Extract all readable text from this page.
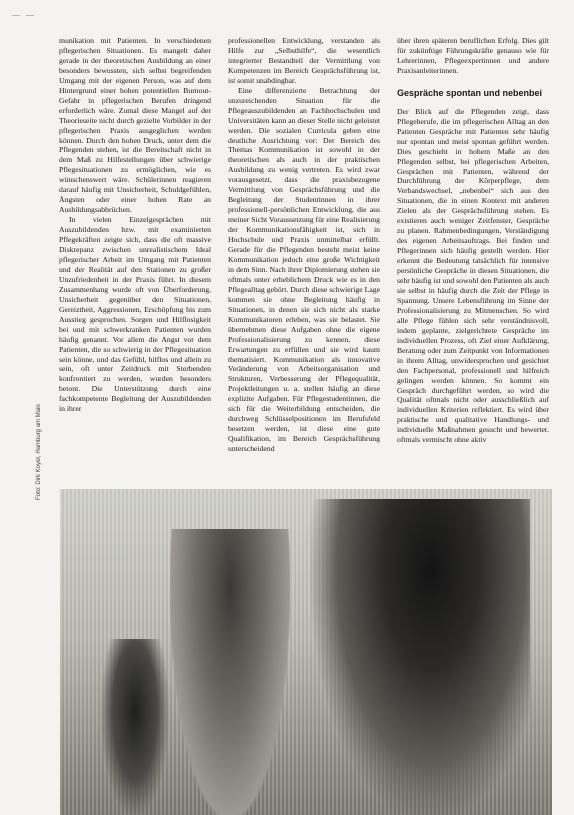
— —

munikation mit Patienten. In verschiedenen pflegerischen Situationen. Es mangelt daher gerade in der theoretischen Ausbildung an einer besonders bewussten, sich selbst begreifenden Umgang mit der eigenen Person, was auf dem Hintergrund einer hohen potentiellen Burnout-Gefahr in pflegerischen Berufen dringend erforderlich wäre. Zumal diese Mangel auf der Theorieseite nicht durch gezielte Vorbilder in der pflegerischen Praxis ausgeglichen werden können. Durch den hohen Druck, unter dem die Pflegenden stehen, ist die Bereitschaft nicht in dem Maß zu Hilfestellungen über schwierige Pflegesituationen zu ermöglichen, wie es wünschenswert wäre. Schülerinnen reagieren darauf häufig mit Unsicherheit, Schuldgefühlen, Ängsten oder einer hohen Rate an Ausbildungsabbrüchen.

In vielen Einzelgesprächen mit Auszubildenden bzw. mit examinierten Pflegekräften zeigte sich, dass die oft massive Diskrepanz zwischen unrealistischem Ideal pflegerischer Arbeit im Umgang mit Patienten und der Realität auf den Stationen zu großer Unzufriedenheit in der Praxis führt. In diesem Zusammenhang wurde oft von Überforderung, Unsicherheit gegenüber den Situationen, Gereiztheit, Aggressionen, Erschöpfung bis zum Ausstieg gesprochen. Sorgen und Hilflosigkeit bei und mit schwerkranken Patienten wurden häufig genannt. Vor allem die Angst vor dem Patienten, die so schwierig in der Pflegesituation sein könne, und das Gefühl, hilflos und allein zu sein, oft unter Zeitdruck mit Sterbenden konfrontiert zu werden, wurden besonders betont. Die Unterstützung durch eine fachkompetente Begleitung der Auszubildenden in ihrer

professionellen Entwicklung, verstanden als Hilfe zur „Selbsthilfe“, die wesentlich integrierter Bestandteil der Vermittlung von Kompetenzen im Bereich Gesprächsführung ist, ist somit unabdingbar.

Eine differenzierte Betrachtung der unzureichenden Situation für die Pflegeauszubildenden an Fachhochschulen und Universitäten kann an dieser Stelle nicht geleistet werden. Die sozialen Curricula geben eine deutliche Ausrichtung vor: Der Bereich des Themas Kommunikation ist sowohl in der theoretischen als auch in der praktischen Ausbildung zu wenig vertreten. Es wird zwar vorausgesetzt, dass die praxisbezogene Vermittlung von Gesprächsführung und die Begleitung der Studentinnen in ihrer professionell-persönlichen Entwicklung, die aus meiner Sicht Voraussetzung für eine Realisierung der Kommunikationsfähigkeit ist, sich in Hochschule und Praxis unmittelbar erfüllt. Gerade für die Pflegenden besteht meist keine Kommunikation jedoch eine große Wichtigkeit in dem Sinn. Nach ihrer Diplomierung stehen sie oftmals unter erheblichem Druck wie es in den Pflegealltag gehört. Durch diese schwierige Lage kommen sie ohne Begleitung häufig in Situationen, in denen sie sich nicht als starke Kommunikatoren erleben, was sie belastet. Sie übernehmen diese Aufgaben ohne die eigene Professionalisierung zu kennen, diese Erwartungen zu erfüllen und sie wird kaum thematisiert. Kommunikation als innovative Veränderung von Arbeitsorganisation und Strukturen, Verbesserung der Pflegequalität, Projektleitungen u. a. stellen häufig an diese explizite Aufgaben. Für Pflegestudentinnen, die sich für die Weiterbildung entscheiden, die durchweg Schlüsselpositionen im Berufsfeld besetzen werden, ist diese eine gute Qualifikation, im Bereich Gesprächsführung unterscheidend

über ihren späteren beruflichen Erfolg. Dies gilt für zukünftige Führungskräfte genauso wie für Lehrerinnen, Pflegeexpertinnen und andere Praxisanleiterinnen.

Gespräche spontan und nebenbei

Der Blick auf die Pflegenden zeigt, dass Pflegeberufe, die im pflegerischen Alltag an den Patienten Gespräche mit Patienten sehr häufig nur spontan und meist spontan geführt werden. Dies geschieht in hohem Maße an den Pflegenden selbst, bei pflegerischen Arbeiten, Gesprächen mit Patienten, während der Durchführung der Körperpflege, dem Verbandswechsel, „nebenbei“ sich aus den Situationen, die in einen Kontext mit anderen Zielen als der Gesprächsführung stehen. Es existieren auch weniger Zeitfenster, Gespräche zu planen. Rahmenbedingungen, Verständigung des eigenen Arbeitsauftrags. Bei finden und Pflegerinnen sich häufig gestellt werden. Hier erkennt die Bedeutung tatsächlich für intensive persönliche Gespräche in diesen Situationen, die sehr häufig ist und sowohl den Patienten als auch sie selbst in häufig durch die Zeit der Pflege in Spannung. Unsere Lebensführung im Sinne der Professionalisierung zu Mitmenschen. So wird alle Pflege fühlen sich sehr verständnisvoll, indem geplante, zielgerichtete Gespräche im individuellen Prozess, oft Ziel einer Aufklärung, Beratung oder zum Zeitpunkt von Informationen in ihrem Alltag, unwidersprochen und gesichtet den Fachpersonal, professionell und hilfreich gelingen werden können. So kommt ein Gespräch durchgeführt werden, so wird die Qualität oftmals nicht oder ausschließlich auf individuellen Kriterien reflektiert. Es wird über praktische und qualitative Handlungs- und individuelle Maßnahmen gesucht und bewertet. oftmals vermischt ohne aktiv

Foto: Dirk Koyer, Hamburg am Main
